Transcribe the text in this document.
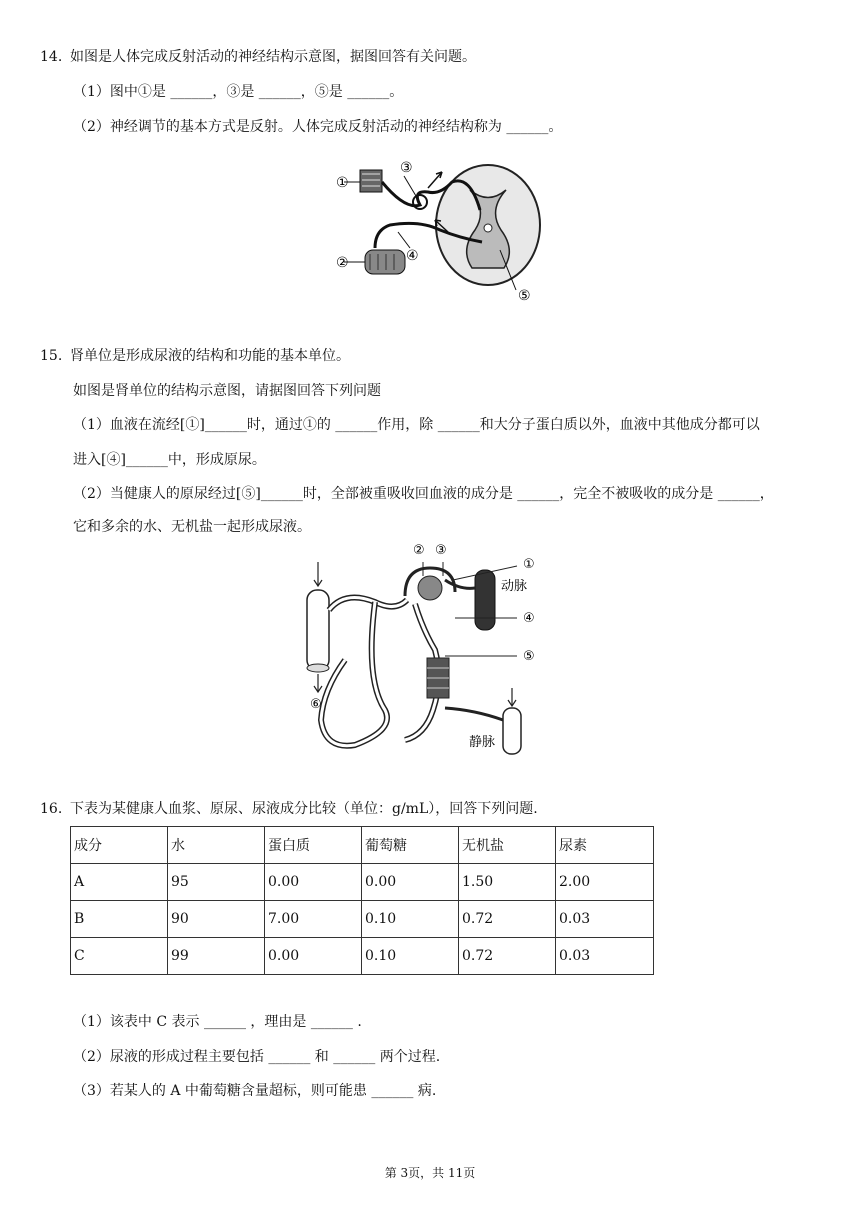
14. 如图是人体完成反射活动的神经结构示意图，据图回答有关问题。
（1）图中①是 ______，③是 ______，⑤是 ______。
（2）神经调节的基本方式是反射。人体完成反射活动的神经结构称为 ______。
①
②
③
④
⑤
15. 肾单位是形成尿液的结构和功能的基本单位。
如图是肾单位的结构示意图，请据图回答下列问题
（1）血液在流经[①]______时，通过①的 ______作用，除 ______和大分子蛋白质以外，血液中其他成分都可以
进入[④]______中，形成原尿。
（2）当健康人的原尿经过[⑤]______时，全部被重吸收回血液的成分是 ______，完全不被吸收的成分是 ______，
它和多余的水、无机盐一起形成尿液。
② ③
①
动脉
④
⑤
⑥
静脉
16. 下表为某健康人血浆、原尿、尿液成分比较（单位：g/mL），回答下列问题.
成分	水	蛋白质	葡萄糖	无机盐	尿素
A	95	0.00	0.00	1.50	2.00
B	90	7.00	0.10	0.72	0.03
C	99	0.00	0.10	0.72	0.03
（1）该表中 C 表示 ______ ，理由是 ______ .
（2）尿液的形成过程主要包括 ______ 和 ______ 两个过程.
（3）若某人的 A 中葡萄糖含量超标，则可能患 ______ 病.
第 3页，共 11页
